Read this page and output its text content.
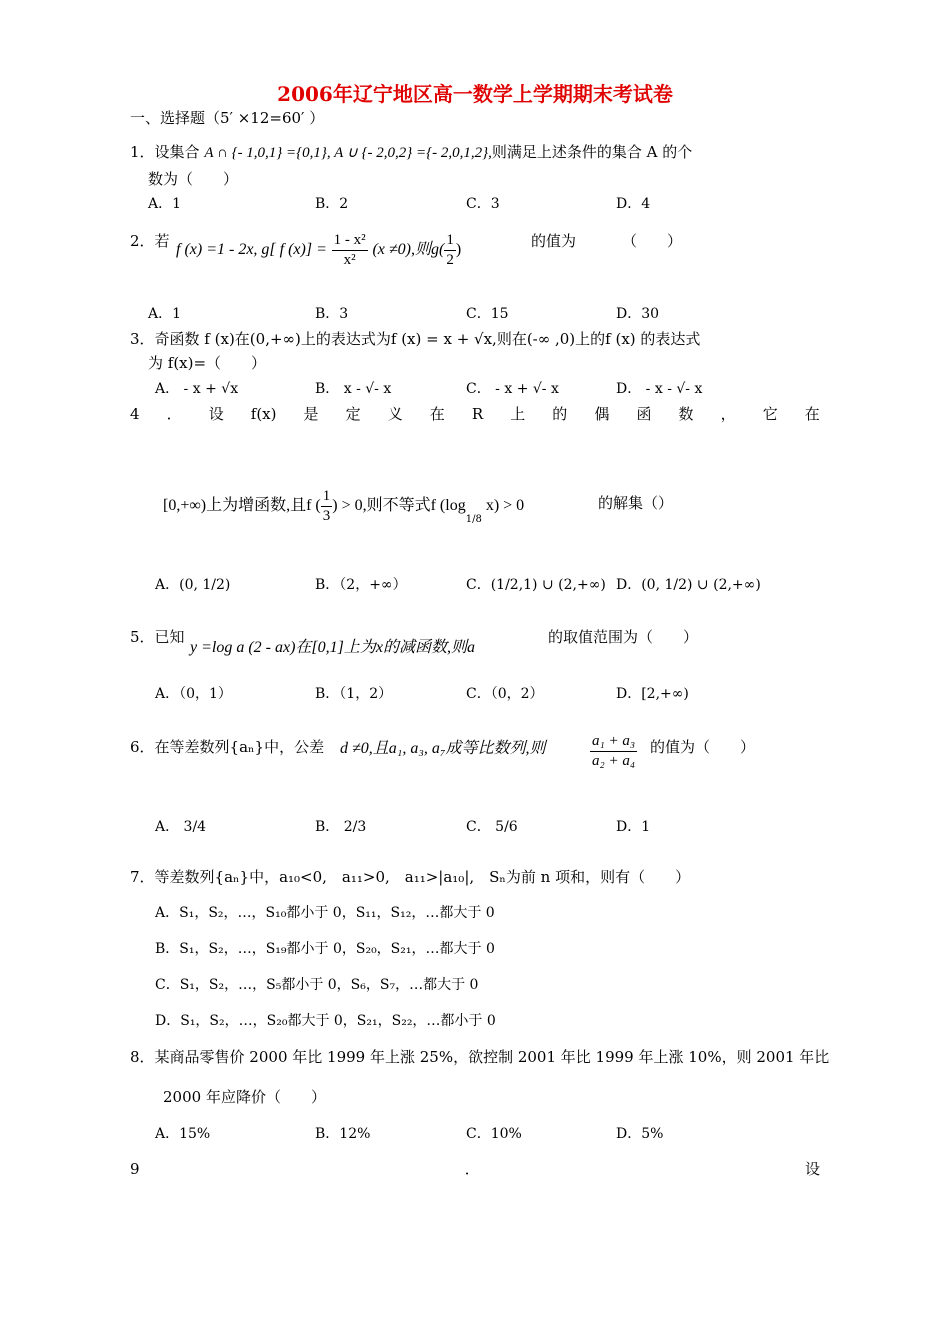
2006年辽宁地区高一数学上学期期末考试卷
一、选择题（5′ ×12=60′ ）
1．设集合 A ∩ {- 1,0,1} ={0,1}, A ∪ {- 2,0,2} ={- 2,0,1,2},则满足上述条件的集合 A 的个
数为（　　）
A．1	B．2	C．3	D．4
2．若 f (x) =1 - 2x, g[ f $(x)] = \frac{\text{1 - x²}}{\text{x²}} (x \ne 0)$,则$g( \frac{1}{2}$ )	的值为	（　　）
A．1	B．3	C．15	D．30
3．奇函数 f (x)在(0,+∞)上的表达式为f (x) = x + √x,则在(-∞ ,0)上的f (x) 的表达式
为 f(x)=（　　）
A． - x + √x	B． x - √- x	C． - x + √- x	D． - x - √- x
4 ． 设 f(x) 是 定 义 在 R 上 的 偶 函 数 ， 它 在
[0,+∞)上为增函数,且f ( $\frac{1}{3}$ ) > 0,则不等式f ($\log_{1/8}$ x) > 0	的解集（）
A．(0, 1/2)	B．（2，+∞）	C．(1/2,1) ∪ (2,+∞) D．(0, 1/2) ∪ (2,+∞)
5．已知
y =log a (2 - ax)在[0,1]上为x的减函数,则a
的取值范围为（　　）
A．（0，1）	B．（1，2）	C．（0，2）	D．[2,+∞)
6．在等差数列{aₙ}中，公差 d ≠0,且a₁, a₃, a₇成等比数列,则	$\frac{\text{a₁ + a₃}}{\text{a₂ + a₄}}$ 的值为（　　）
A． 3/4	B． 2/3	C． 5/6	D．1
7．等差数列{aₙ}中，a₁₀<0,　a₁₁>0,　a₁₁>|a₁₀|,　Sₙ为前 n 项和，则有（　　）
A．S₁，S₂，…，S₁₀都小于 0，S₁₁，S₁₂，…都大于 0
B．S₁，S₂，…，S₁₉都小于 0，S₂₀，S₂₁，…都大于 0
C．S₁，S₂，…，S₅都小于 0，S₆，S₇，…都大于 0
D．S₁，S₂，…，S₂₀都大于 0，S₂₁，S₂₂，…都小于 0
8．某商品零售价 2000 年比 1999 年上涨 25%，欲控制 2001 年比 1999 年上涨 10%，则 2001 年比
2000 年应降价（　　）
A．15%	B．12%	C．10%	D．5%
9	．	设
